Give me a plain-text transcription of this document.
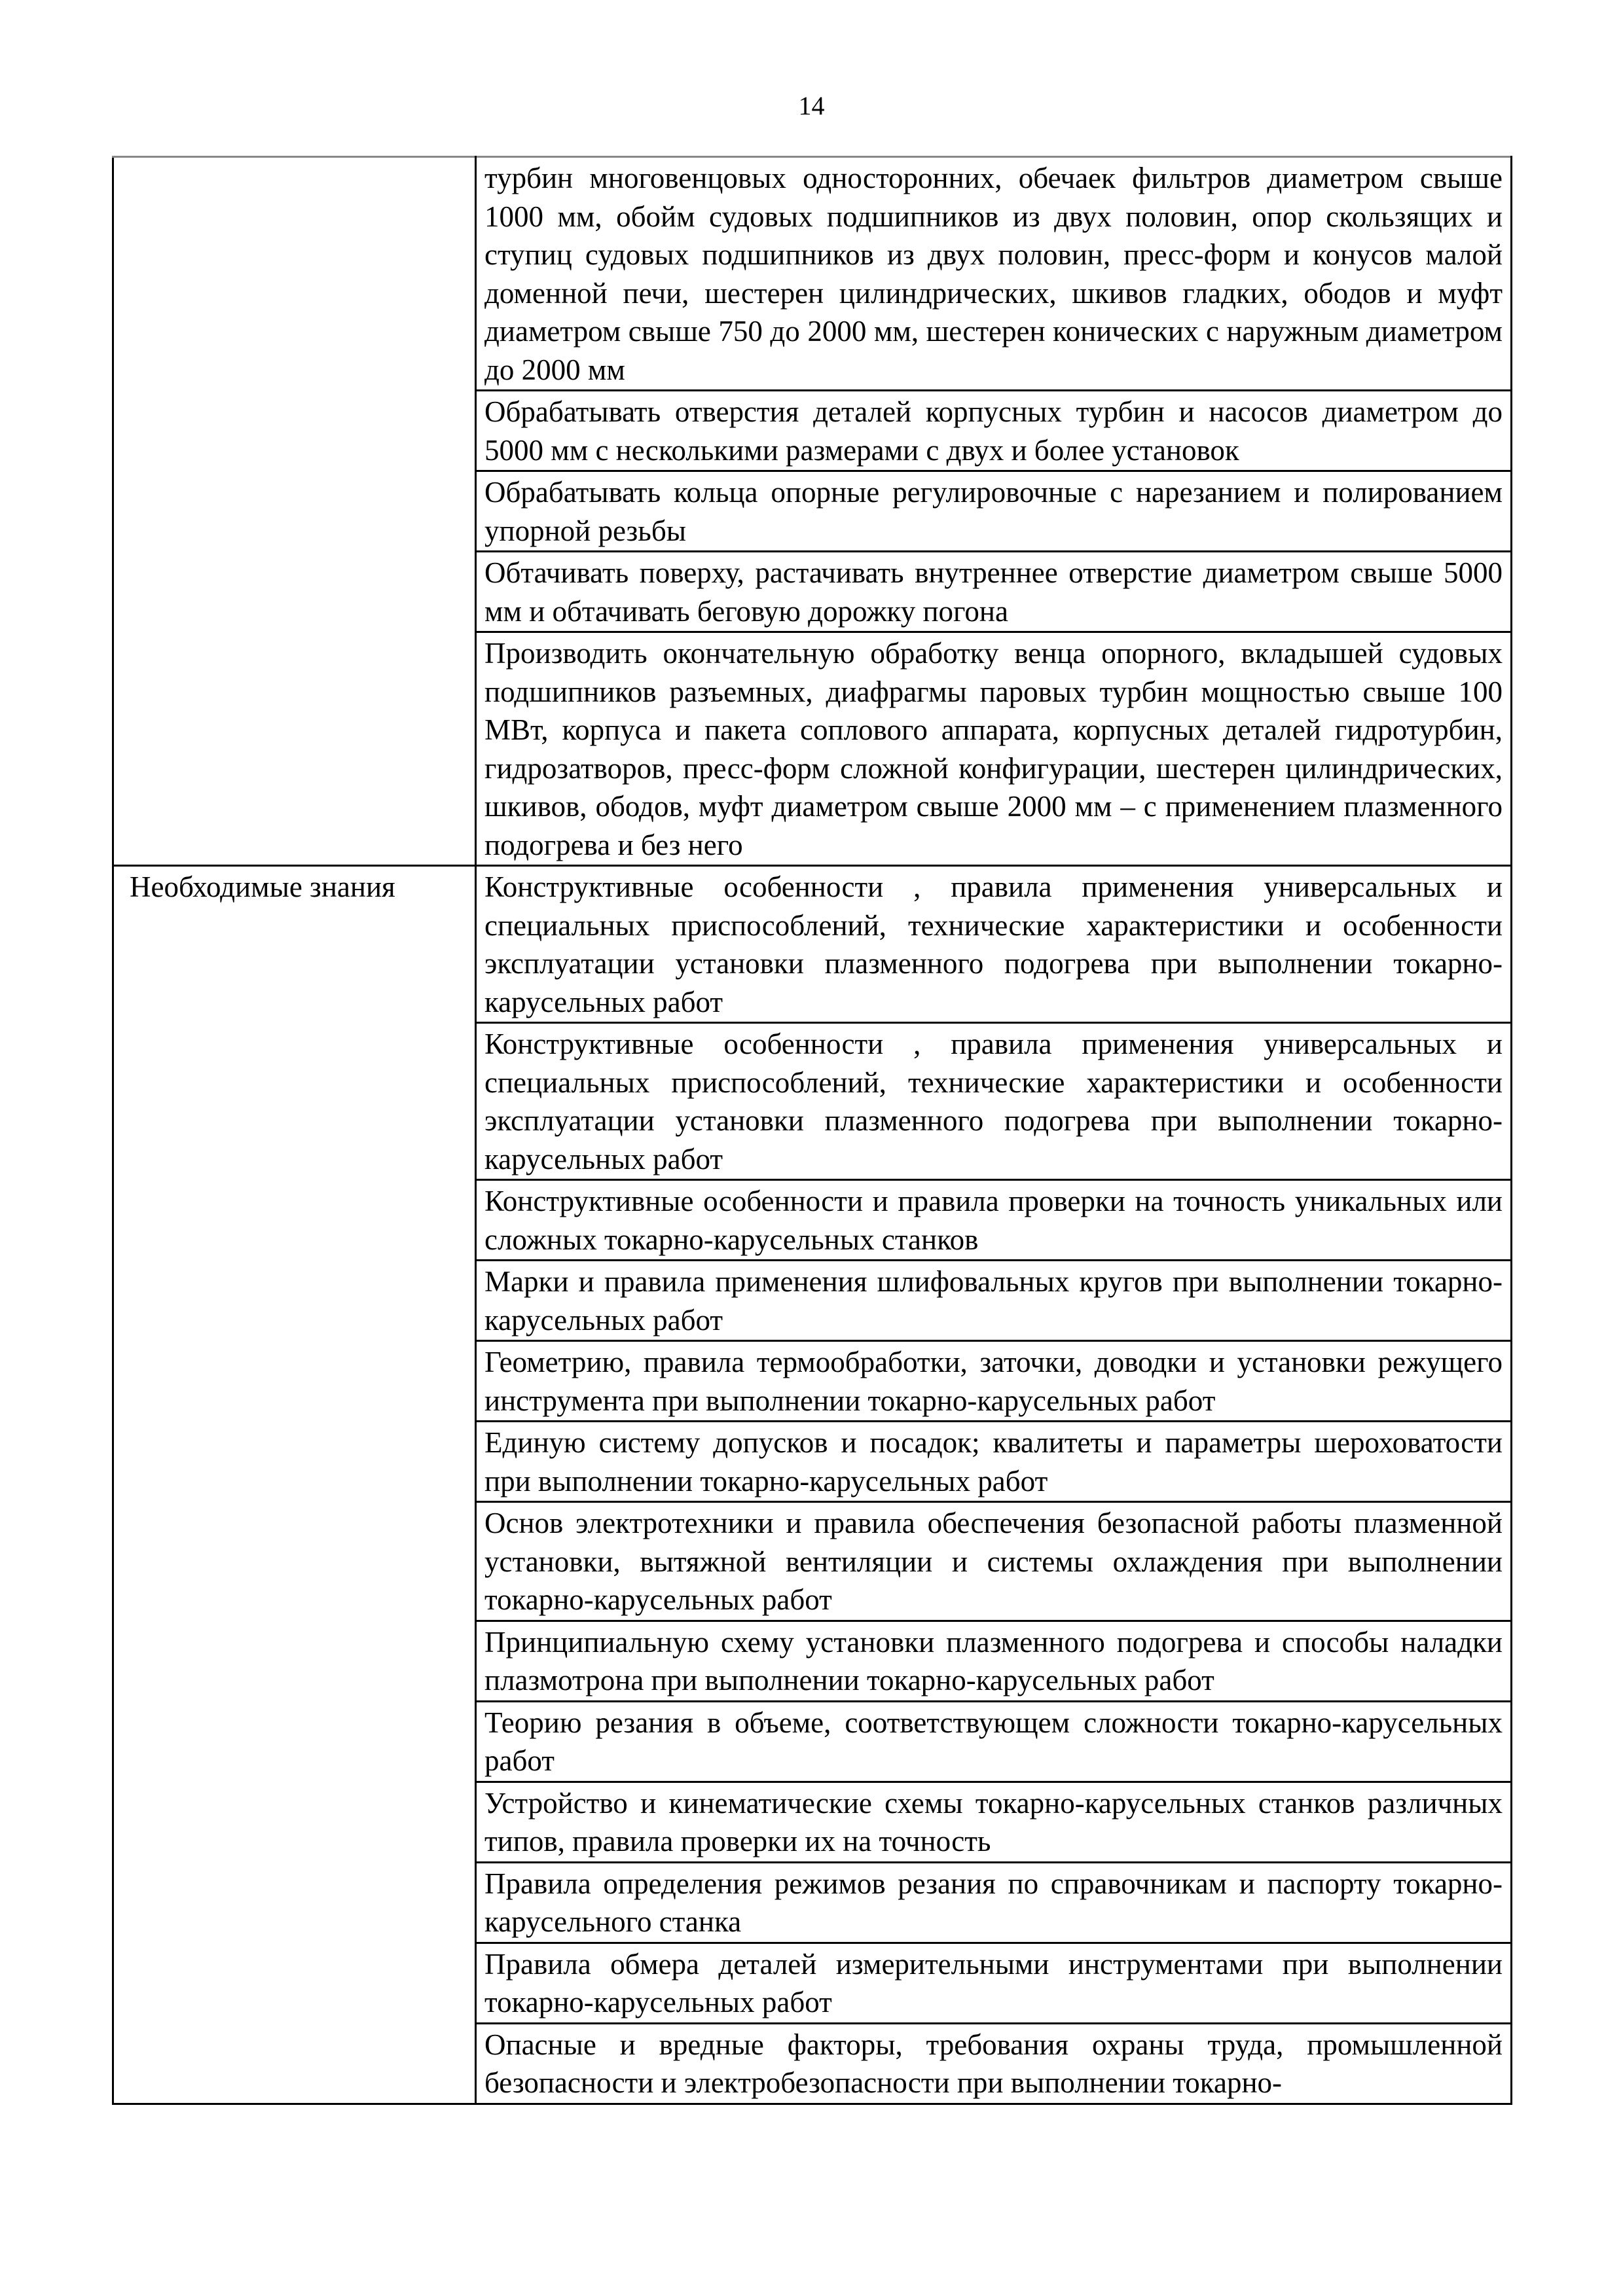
14
	турбин многовенцовых односторонних, обечаек фильтров диаметром свыше 1000 мм, обойм судовых подшипников из двух половин, опор скользящих и ступиц судовых подшипников из двух половин, пресс-форм и конусов малой доменной печи, шестерен цилиндрических, шкивов гладких, ободов и муфт диаметром свыше 750 до 2000 мм, шестерен конических с наружным диаметром до 2000 мм
	Обрабатывать отверстия деталей корпусных турбин и насосов диаметром до 5000 мм с несколькими размерами с двух и более установок
	Обрабатывать кольца опорные регулировочные с нарезанием и полированием упорной резьбы
	Обтачивать поверху, растачивать внутреннее отверстие диаметром свыше 5000 мм и обтачивать беговую дорожку погона
	Производить окончательную обработку венца опорного, вкладышей судовых подшипников разъемных, диафрагмы паровых турбин мощностью свыше 100 МВт, корпуса и пакета соплового аппарата, корпусных деталей гидротурбин, гидрозатворов, пресс-форм сложной конфигурации, шестерен цилиндрических, шкивов, ободов, муфт диаметром свыше 2000 мм – с применением плазменного подогрева и без него
Необходимые знания	Конструктивные особенности , правила применения универсальных и специальных приспособлений, технические характеристики и особенности эксплуатации установки плазменного подогрева при выполнении токарно-карусельных работ
	Конструктивные особенности , правила применения универсальных и специальных приспособлений, технические характеристики и особенности эксплуатации установки плазменного подогрева при выполнении токарно-карусельных работ
	Конструктивные особенности и правила проверки на точность уникальных или сложных токарно-карусельных станков
	Марки и правила применения шлифовальных кругов при выполнении токарно-карусельных работ
	Геометрию, правила термообработки, заточки, доводки и установки режущего инструмента при выполнении токарно-карусельных работ
	Единую систему допусков и посадок; квалитеты и параметры шероховатости при выполнении токарно-карусельных работ
	Основ электротехники и правила обеспечения безопасной работы плазменной установки, вытяжной вентиляции и системы охлаждения при выполнении токарно-карусельных работ
	Принципиальную схему установки плазменного подогрева и способы наладки плазмотрона при выполнении токарно-карусельных работ
	Теорию резания в объеме, соответствующем сложности токарно-карусельных работ
	Устройство и кинематические схемы токарно-карусельных станков различных типов, правила проверки их на точность
	Правила определения режимов резания по справочникам и паспорту токарно-карусельного станка
	Правила обмера деталей измерительными инструментами при выполнении токарно-карусельных работ
	Опасные и вредные факторы, требования охраны труда, промышленной безопасности и электробезопасности при выполнении токарно-
